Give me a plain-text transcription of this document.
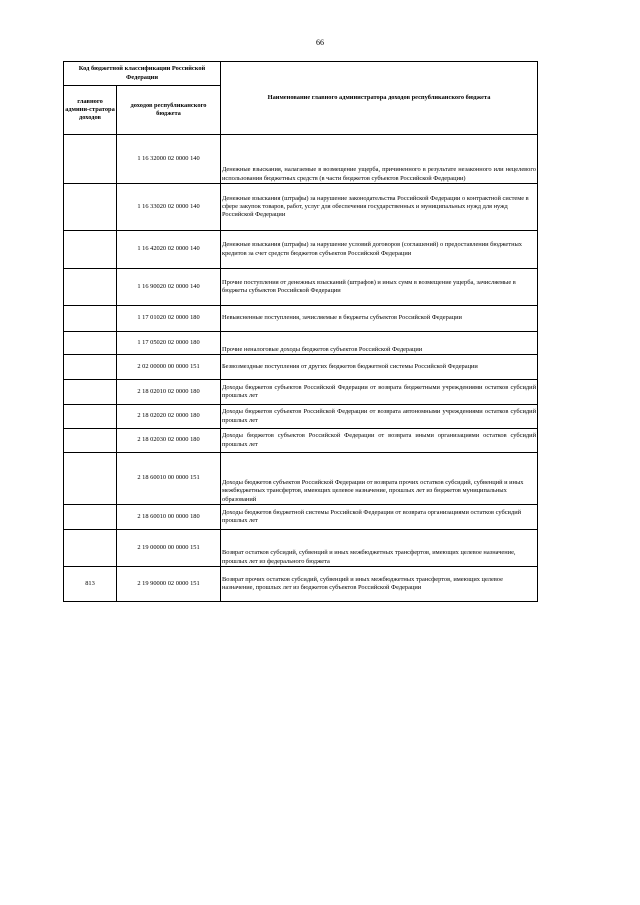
66
Код бюджетной классификации Российской Федерации		Наименование главного администратора доходов республиканского бюджета
главного админи-стратора доходов	доходов республиканского бюджета	
	1 16 32000 02 0000 140	Денежные взыскания, налагаемые в возмещение ущерба, причиненного в результате незаконного или нецелевого использования бюджетных средств (в части бюджетов субъектов Российской Федерации)
	1 16 33020 02 0000 140	Денежные взыскания (штрафы) за нарушение законодательства Российской Федерации о контрактной системе в сфере закупок товаров, работ, услуг для обеспечения государственных и муниципальных нужд для нужд Российской Федерации
	1 16 42020 02 0000 140	Денежные взыскания (штрафы) за нарушение условий договоров (соглашений) о предоставлении бюджетных кредитов за счет средств бюджетов субъектов Российской Федерации
	1 16 90020 02 0000 140	Прочие поступления от денежных взысканий (штрафов) и иных сумм в возмещение ущерба, зачисляемые в бюджеты субъектов Российской Федерации
	1 17 01020 02 0000 180	Невыясненные поступления, зачисляемые в бюджеты субъектов Российской Федерации
	1 17 05020 02 0000 180	Прочие неналоговые доходы бюджетов субъектов Российской Федерации
	2 02 00000 00 0000 151	Безвозмездные поступления от других бюджетов бюджетной системы Российской Федерации
	2 18 02010 02 0000 180	Доходы бюджетов субъектов Российской Федерации от возврата бюджетными учреждениями остатков субсидий прошлых лет
	2 18 02020 02 0000 180	Доходы бюджетов субъектов Российской Федерации от возврата автономными учреждениями остатков субсидий прошлых лет
	2 18 02030 02 0000 180	Доходы бюджетов субъектов Российской Федерации от возврата иными организациями остатков субсидий прошлых лет
	2 18 60010 00 0000 151	Доходы бюджетов субъектов Российской Федерации от возврата прочих остатков субсидий, субвенций и иных межбюджетных трансфертов, имеющих целевое назначение, прошлых лет из бюджетов муниципальных образований
	2 18 60010 00 0000 180	Доходы бюджетов бюджетной системы Российской Федерации от возврата организациями остатков субсидий прошлых лет
	2 19 00000 00 0000 151	Возврат остатков субсидий, субвенций и иных межбюджетных трансфертов, имеющих целевое назначение, прошлых лет из федерального бюджета
813	2 19 90000 02 0000 151	Возврат прочих остатков субсидий, субвенций и иных межбюджетных трансфертов, имеющих целевое назначение, прошлых лет из бюджетов субъектов Российской Федерации
